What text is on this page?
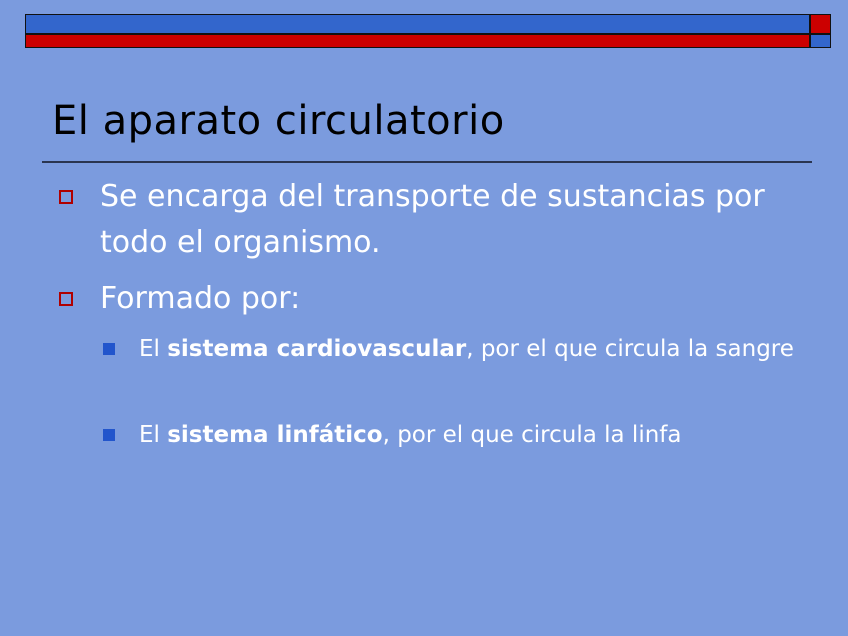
El aparato circulatorio
Se encarga del transporte de sustancias por todo el organismo.
Formado por:
El sistema cardiovascular, por el que circula la sangre
El sistema linfático, por el que circula la linfa
